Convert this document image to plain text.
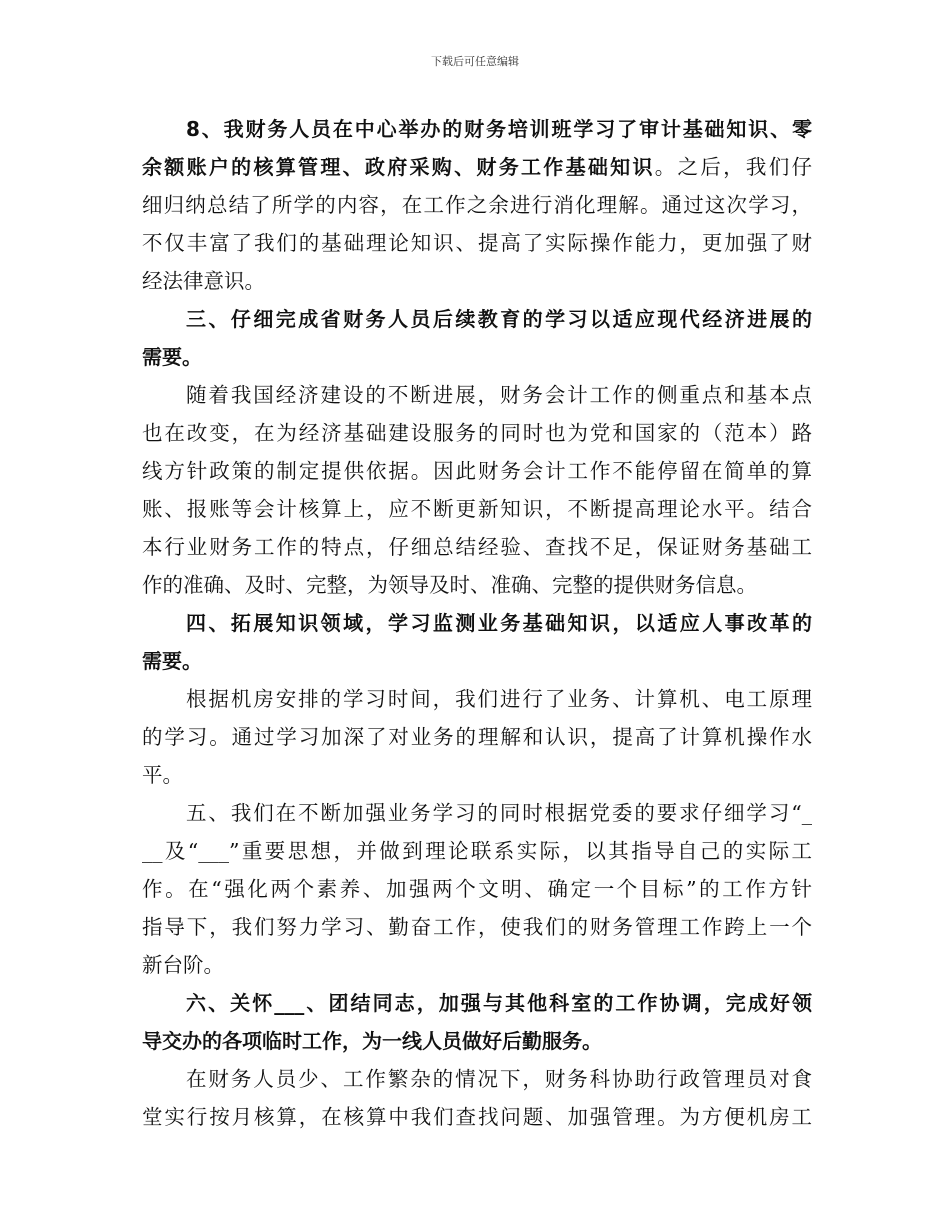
下载后可任意编辑
8、我财务人员在中心举办的财务培训班学习了审计基础知识、零
余额账户的核算管理、政府采购、财务工作基础知识。之后，我们仔
细归纳总结了所学的内容，在工作之余进行消化理解。通过这次学习，
不仅丰富了我们的基础理论知识、提高了实际操作能力，更加强了财
经法律意识。
三、仔细完成省财务人员后续教育的学习以适应现代经济进展的
需要。
随着我国经济建设的不断进展，财务会计工作的侧重点和基本点
也在改变，在为经济基础建设服务的同时也为党和国家的（范本）路
线方针政策的制定提供依据。因此财务会计工作不能停留在简单的算
账、报账等会计核算上，应不断更新知识，不断提高理论水平。结合
本行业财务工作的特点，仔细总结经验、查找不足，保证财务基础工
作的准确、及时、完整，为领导及时、准确、完整的提供财务信息。
四、拓展知识领域，学习监测业务基础知识，以适应人事改革的
需要。
根据机房安排的学习时间，我们进行了业务、计算机、电工原理
的学习。通过学习加深了对业务的理解和认识，提高了计算机操作水
平。
五、我们在不断加强业务学习的同时根据党委的要求仔细学习“_
__及“___”重要思想，并做到理论联系实际，以其指导自己的实际工
作。在“强化两个素养、加强两个文明、确定一个目标”的工作方针
指导下，我们努力学习、勤奋工作，使我们的财务管理工作跨上一个
新台阶。
六、关怀___、团结同志，加强与其他科室的工作协调，完成好领
导交办的各项临时工作，为一线人员做好后勤服务。
在财务人员少、工作繁杂的情况下，财务科协助行政管理员对食
堂实行按月核算，在核算中我们查找问题、加强管理。为方便机房工
